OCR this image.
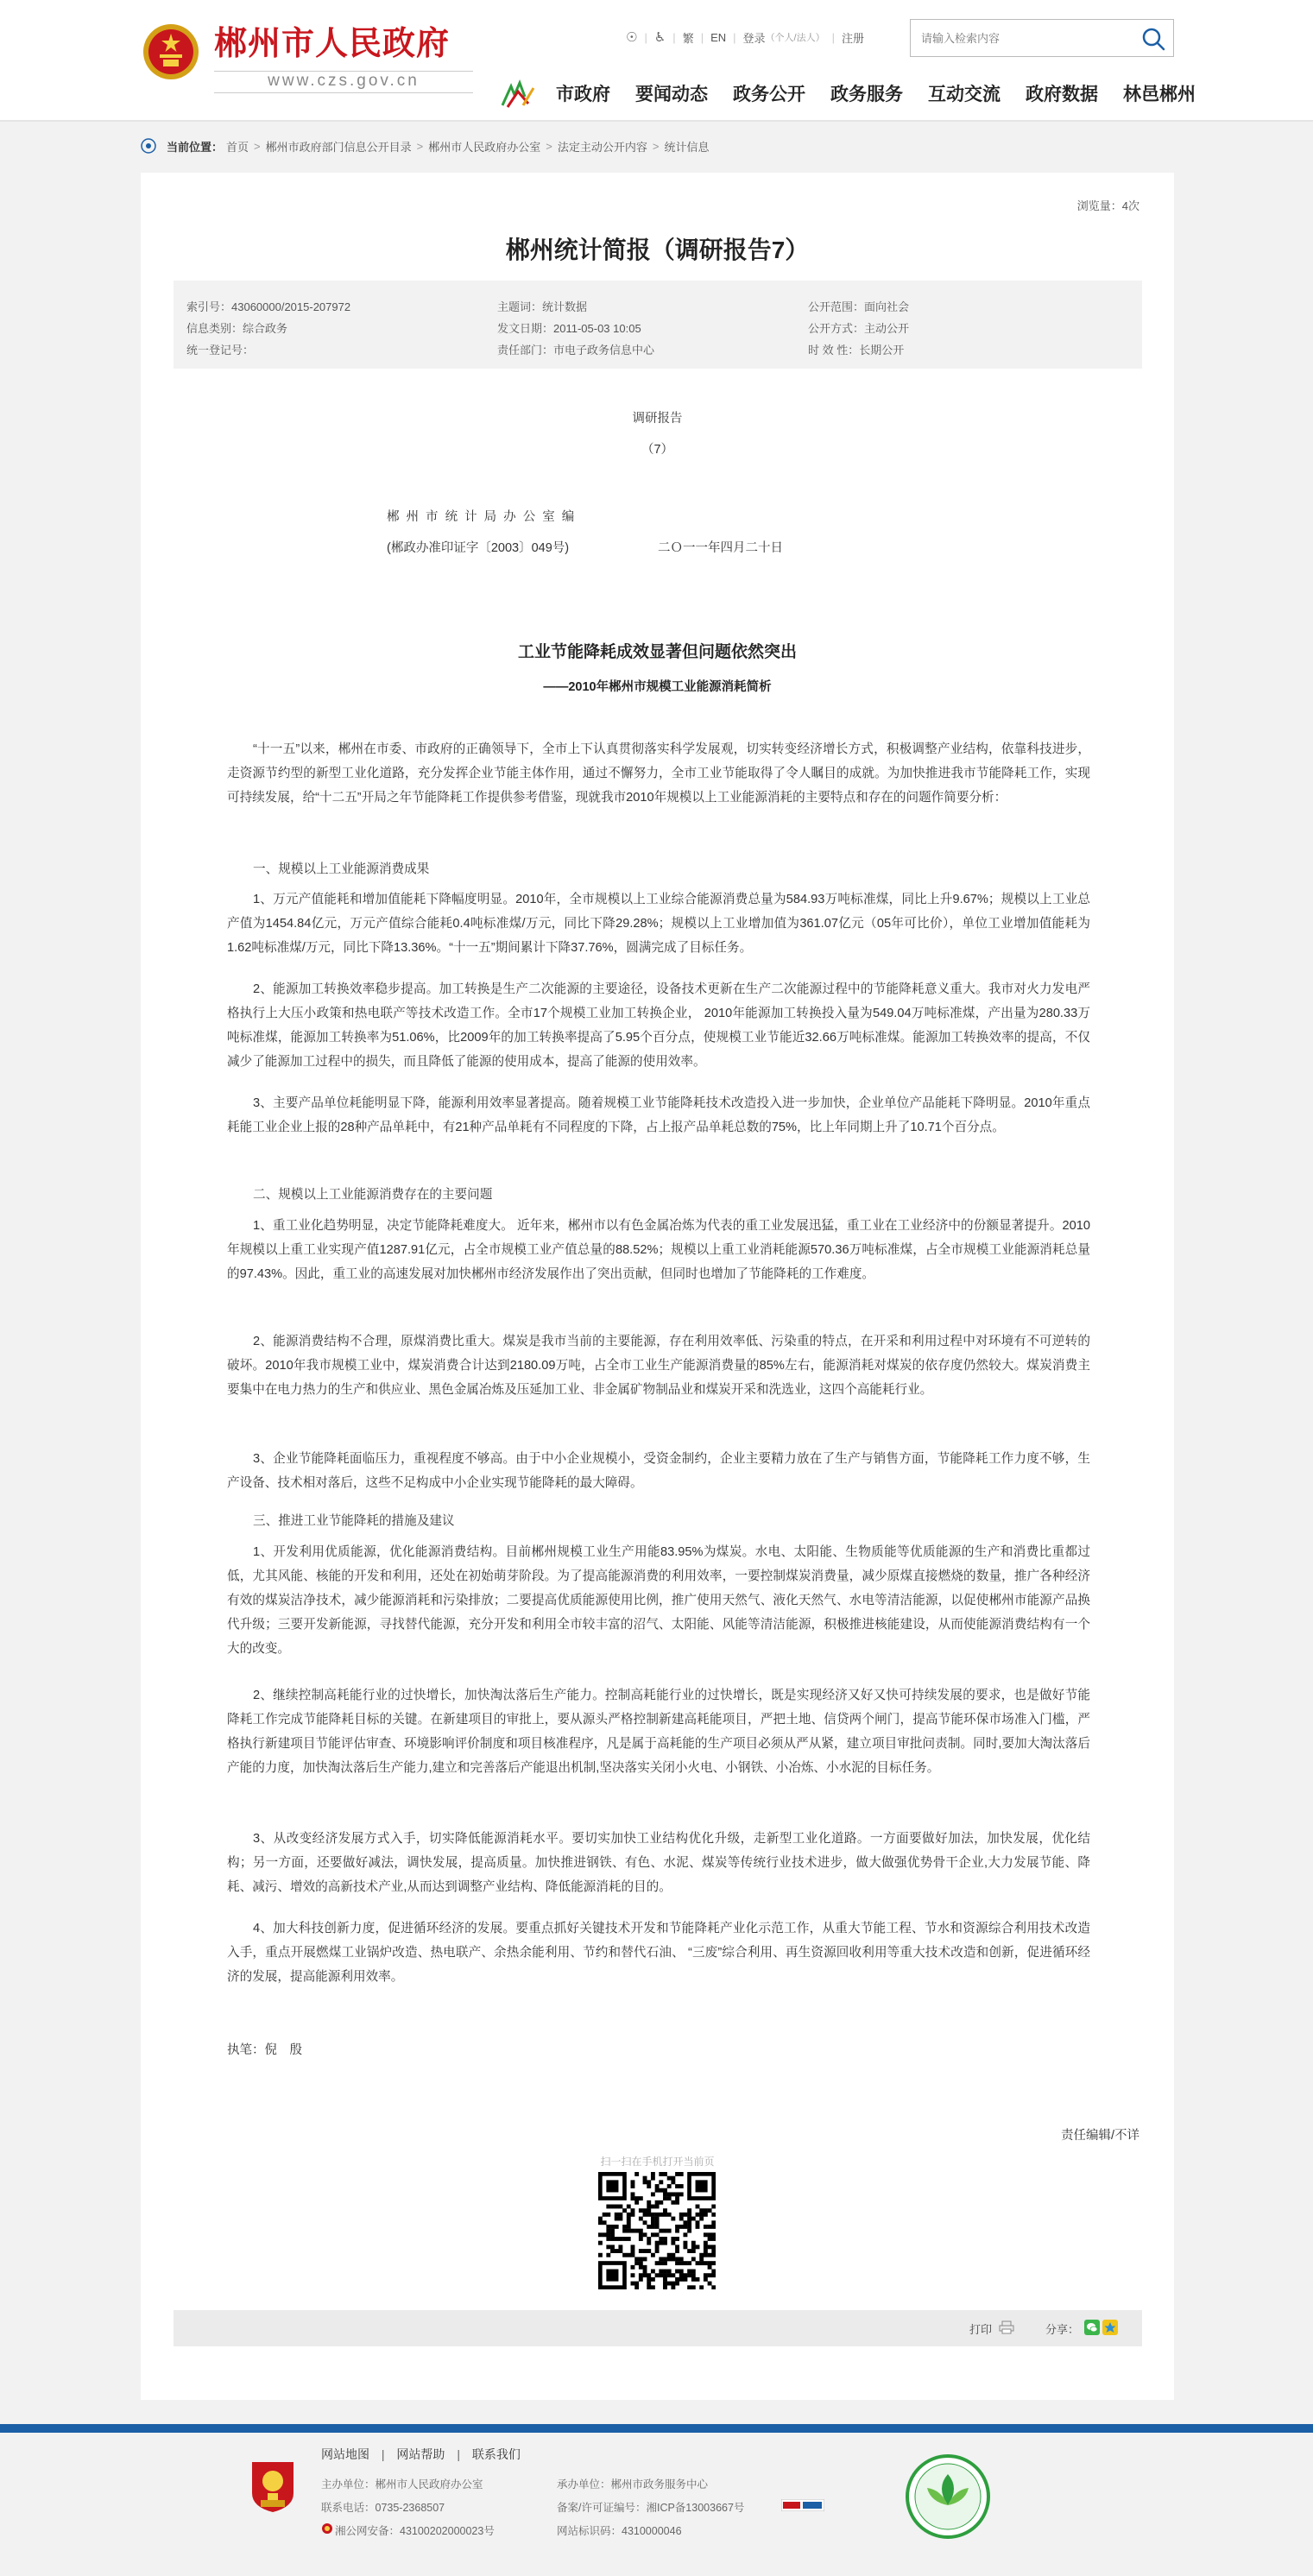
郴州市人民政府
www.czs.gov.cn
☉ | ♿ | 繁 | EN | 登录 （个人/法人） | 注册
请输入检索内容
市政府 要闻动态 政务公开 政务服务 互动交流 政府数据 林邑郴州
当前位置： 首页 > 郴州市政府部门信息公开目录 > 郴州市人民政府办公室 > 法定主动公开内容 > 统计信息
浏览量：4次
郴州统计简报（调研报告7）
索引号：43060000/2015-207972
信息类别：综合政务
统一登记号：
主题词：统计数据
发文日期：2011-05-03 10:05
责任部门：市电子政务信息中心
公开范围：面向社会
公开方式：主动公开
时 效 性：长期公开
调研报告
（7）
郴 州 市 统 计 局 办 公 室 编
(郴政办准印证字〔2003〕049号)	二Ｏ一一年四月二十日
工业节能降耗成效显著但问题依然突出
——2010年郴州市规模工业能源消耗简析
“十一五”以来，郴州在市委、市政府的正确领导下，全市上下认真贯彻落实科学发展观，切实转变经济增长方式，积极调整产业结构，依靠科技进步，走资源节约型的新型工业化道路，充分发挥企业节能主体作用，通过不懈努力，全市工业节能取得了令人瞩目的成就。为加快推进我市节能降耗工作，实现可持续发展，给“十二五”开局之年节能降耗工作提供参考借鉴，现就我市2010年规模以上工业能源消耗的主要特点和存在的问题作简要分析：
一、规模以上工业能源消费成果
1、万元产值能耗和增加值能耗下降幅度明显。2010年，全市规模以上工业综合能源消费总量为584.93万吨标准煤，同比上升9.67%；规模以上工业总产值为1454.84亿元，万元产值综合能耗0.4吨标准煤/万元，同比下降29.28%；规模以上工业增加值为361.07亿元（05年可比价），单位工业增加值能耗为1.62吨标准煤/万元，同比下降13.36%。“十一五”期间累计下降37.76%，圆满完成了目标任务。
2、能源加工转换效率稳步提高。加工转换是生产二次能源的主要途径，设备技术更新在生产二次能源过程中的节能降耗意义重大。我市对火力发电严格执行上大压小政策和热电联产等技术改造工作。全市17个规模工业加工转换企业， 2010年能源加工转换投入量为549.04万吨标准煤，产出量为280.33万吨标准煤，能源加工转换率为51.06%，比2009年的加工转换率提高了5.95个百分点，使规模工业节能近32.66万吨标准煤。能源加工转换效率的提高，不仅减少了能源加工过程中的损失，而且降低了能源的使用成本，提高了能源的使用效率。
3、主要产品单位耗能明显下降，能源利用效率显著提高。随着规模工业节能降耗技术改造投入进一步加快，企业单位产品能耗下降明显。2010年重点耗能工业企业上报的28种产品单耗中，有21种产品单耗有不同程度的下降，占上报产品单耗总数的75%，比上年同期上升了10.71个百分点。
二、规模以上工业能源消费存在的主要问题
1、重工业化趋势明显，决定节能降耗难度大。 近年来，郴州市以有色金属冶炼为代表的重工业发展迅猛，重工业在工业经济中的份额显著提升。2010年规模以上重工业实现产值1287.91亿元，占全市规模工业产值总量的88.52%；规模以上重工业消耗能源570.36万吨标准煤，占全市规模工业能源消耗总量的97.43%。因此，重工业的高速发展对加快郴州市经济发展作出了突出贡献，但同时也增加了节能降耗的工作难度。
2、能源消费结构不合理，原煤消费比重大。煤炭是我市当前的主要能源，存在利用效率低、污染重的特点，在开采和利用过程中对环境有不可逆转的破坏。2010年我市规模工业中，煤炭消费合计达到2180.09万吨，占全市工业生产能源消费量的85%左右，能源消耗对煤炭的依存度仍然较大。煤炭消费主要集中在电力热力的生产和供应业、黑色金属冶炼及压延加工业、非金属矿物制品业和煤炭开采和洗选业，这四个高能耗行业。
3、企业节能降耗面临压力，重视程度不够高。由于中小企业规模小，受资金制约，企业主要精力放在了生产与销售方面，节能降耗工作力度不够，生产设备、技术相对落后，这些不足构成中小企业实现节能降耗的最大障碍。
三、推进工业节能降耗的措施及建议
1、开发利用优质能源，优化能源消费结构。目前郴州规模工业生产用能83.95%为煤炭。水电、太阳能、生物质能等优质能源的生产和消费比重都过低，尤其风能、核能的开发和利用，还处在初始萌芽阶段。为了提高能源消费的利用效率，一要控制煤炭消费量，减少原煤直接燃烧的数量，推广各种经济有效的煤炭洁净技术，减少能源消耗和污染排放；二要提高优质能源使用比例，推广使用天然气、液化天然气、水电等清洁能源，以促使郴州市能源产品换代升级；三要开发新能源，寻找替代能源，充分开发和利用全市较丰富的沼气、太阳能、风能等清洁能源，积极推进核能建设，从而使能源消费结构有一个大的改变。
2、继续控制高耗能行业的过快增长，加快淘汰落后生产能力。控制高耗能行业的过快增长，既是实现经济又好又快可持续发展的要求，也是做好节能降耗工作完成节能降耗目标的关键。在新建项目的审批上，要从源头严格控制新建高耗能项目，严把土地、信贷两个闸门，提高节能环保市场准入门槛，严格执行新建项目节能评估审查、环境影响评价制度和项目核准程序，凡是属于高耗能的生产项目必须从严从紧，建立项目审批问责制。同时,要加大淘汰落后产能的力度，加快淘汰落后生产能力,建立和完善落后产能退出机制,坚决落实关闭小火电、小钢铁、小冶炼、小水泥的目标任务。
3、从改变经济发展方式入手，切实降低能源消耗水平。要切实加快工业结构优化升级，走新型工业化道路。一方面要做好加法，加快发展，优化结构；另一方面，还要做好减法，调快发展，提高质量。加快推进钢铁、有色、水泥、煤炭等传统行业技术进步，做大做强优势骨干企业,大力发展节能、降耗、减污、增效的高新技术产业,从而达到调整产业结构、降低能源消耗的目的。
4、加大科技创新力度，促进循环经济的发展。要重点抓好关键技术开发和节能降耗产业化示范工作，从重大节能工程、节水和资源综合利用技术改造入手，重点开展燃煤工业锅炉改造、热电联产、余热余能利用、节约和替代石油、 “三废”综合利用、再生资源回收利用等重大技术改造和创新，促进循环经济的发展，提高能源利用效率。
执笔：倪　殷
责任编辑/不详
扫一扫在手机打开当前页
打印	分享：
网站地图 | 网站帮助 | 联系我们
主办单位：郴州市人民政府办公室
联系电话：0735-2368507
湘公网安备：43100202000023号
承办单位：郴州市政务服务中心
备案/许可证编号：湘ICP备13003667号
网站标识码：4310000046
